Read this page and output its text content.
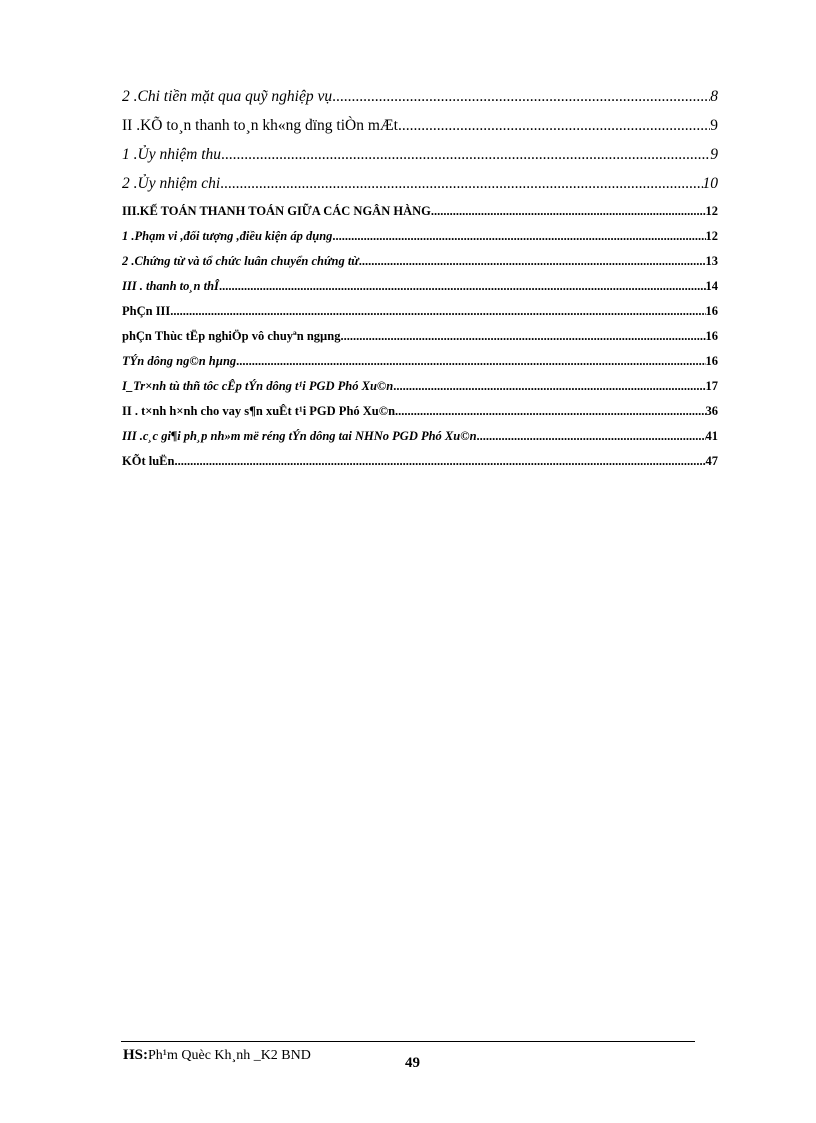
2 .Chi tiền mặt qua quỹ nghiệp vụ .....	8
II .KÕ to¸n thanh to¸n kh«ng dïng tiÒn mÆt .....	9
1 .Ủy nhiệm thu .....	9
2 .Ủy nhiệm chi .....	10
III.KẾ TOÁN THANH TOÁN GIỮA CÁC NGÂN HÀNG .....	12
1 .Phạm vi ,đối tượng ,điều kiện áp dụng .....	12
2 .Chứng từ và tổ chức luân chuyển chứng từ .....	13
III . thanh to¸n thÎ .....	14
PhÇn III .....	16
phÇn Thùc tËp nghiÖp vô chuyªn ngµng .....	16
TÝn dông ng©n hµng .....	16
I_Tr×nh tù thñ tôc cÊp tÝn dông t¹i PGD Phó Xu©n .....	17
II . t×nh h×nh cho vay s¶n xuÊt t¹i PGD Phó Xu©n .....	36
III .c¸c gi¶i ph¸p nh»m më réng tÝn dông tai NHNo PGD Phó Xu©n .....	41
KÕt luËn .....	47
HS:Ph¹m Quèc Kh¸nh _K2 BND	49
